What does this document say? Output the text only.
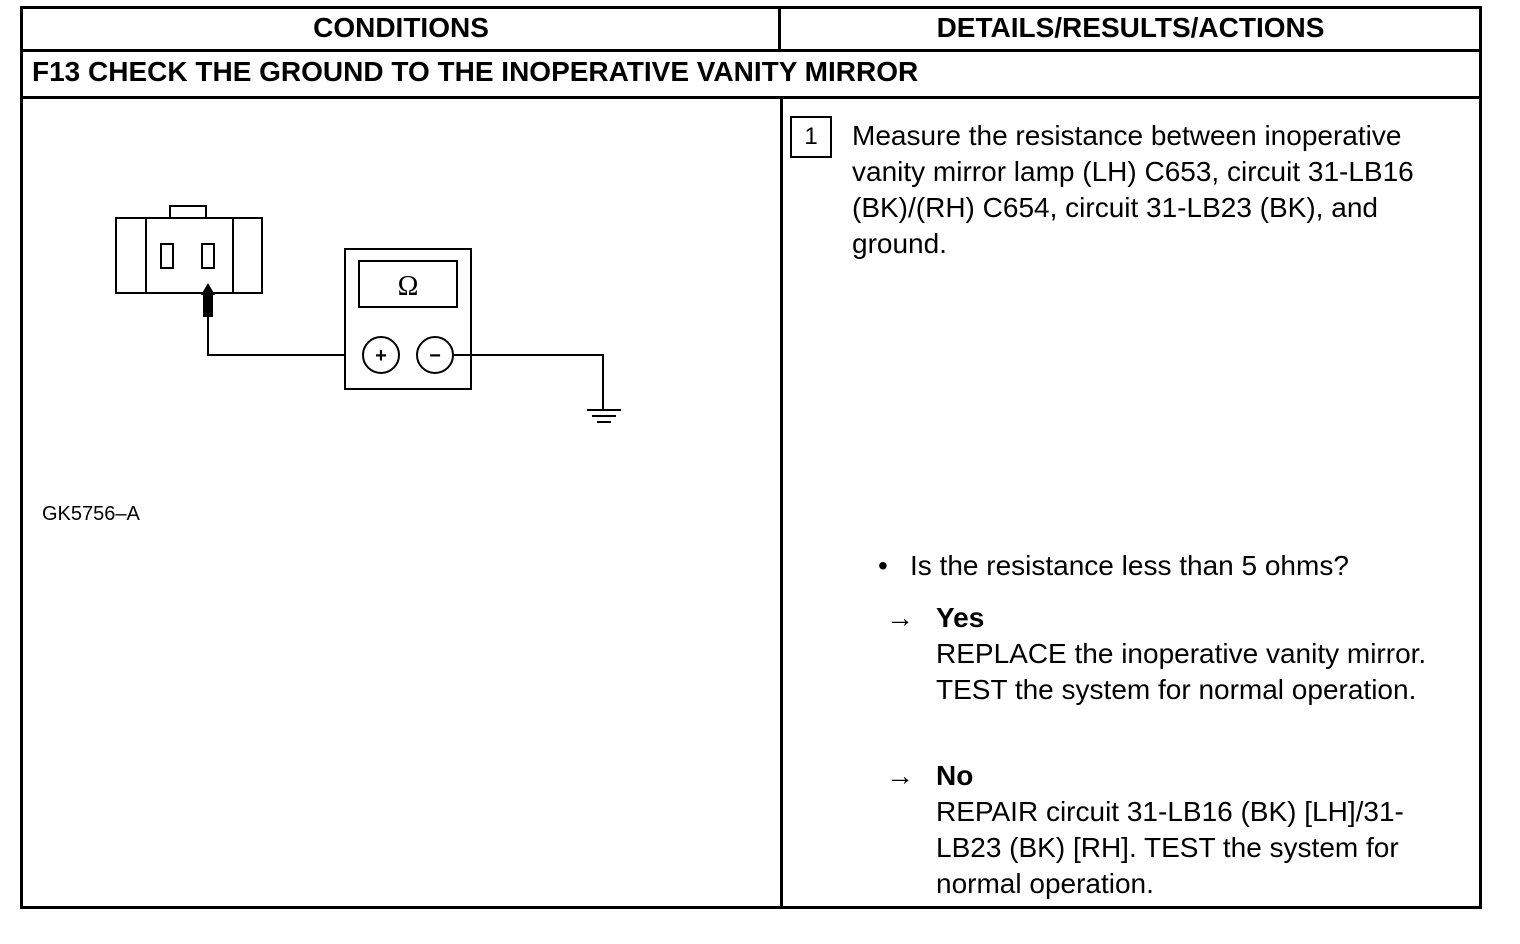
CONDITIONS	DETAILS/RESULTS/ACTIONS
F13 CHECK THE GROUND TO THE INOPERATIVE VANITY MIRROR
Ω
+ −
GK5756–A
1	Measure the resistance between inoperative vanity mirror lamp (LH) C653, circuit 31-LB16 (BK)/(RH) C654, circuit 31-LB23 (BK), and ground.
• Is the resistance less than 5 ohms?
→ Yes
REPLACE the inoperative vanity mirror. TEST the system for normal operation.
→ No
REPAIR circuit 31-LB16 (BK) [LH]/31-LB23 (BK) [RH]. TEST the system for normal operation.
